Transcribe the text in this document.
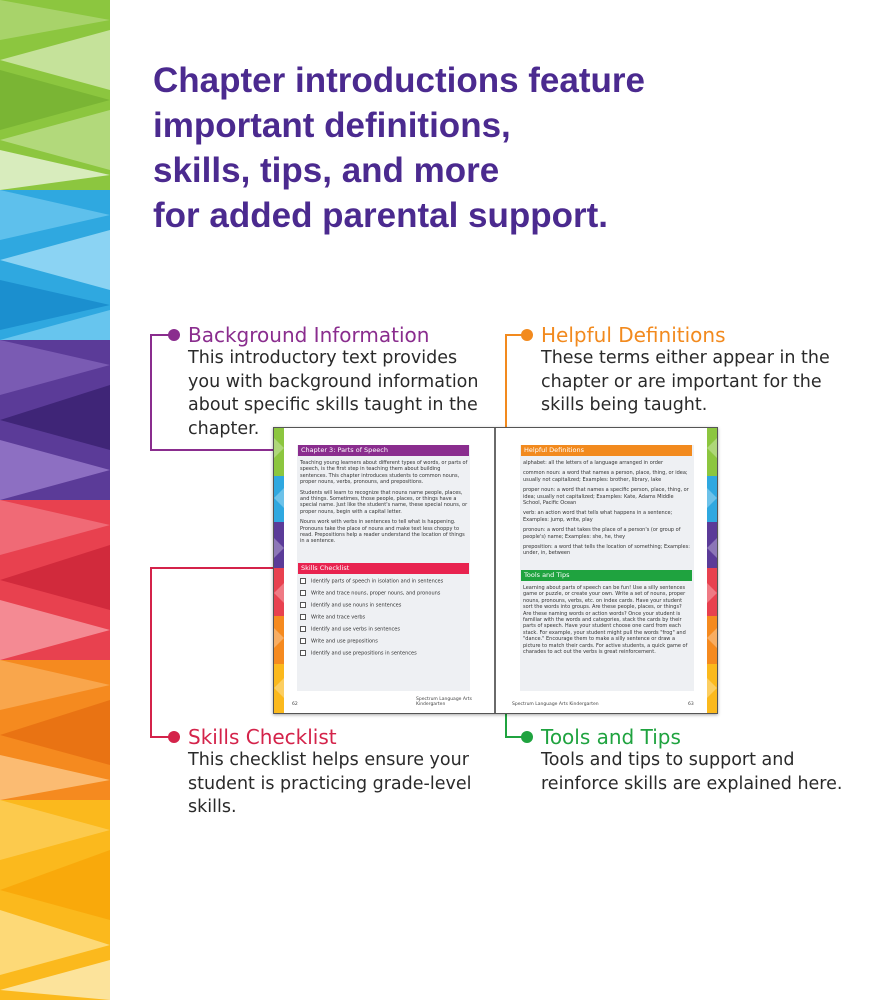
Chapter introductions feature
important definitions,
skills, tips, and more
for added parental support.
Background Information
This introductory text provides
you with background information
about specific skills taught in the
chapter.
Helpful Definitions
These terms either appear in the
chapter or are important for the
skills being taught.
Skills Checklist
This checklist helps ensure your
student is practicing grade-level
skills.
Tools and Tips
Tools and tips to support and
reinforce skills are explained here.
Chapter 3: Parts of Speech

Teaching young learners about different types of words, or parts of speech, is the first step in teaching them about building sentences. This chapter introduces students to common nouns, proper nouns, verbs, pronouns, and prepositions.

Students will learn to recognize that nouns name people, places, and things. Sometimes, those people, places, or things have a special name. Just like the student's name, these special nouns, or proper nouns, begin with a capital letter.

Nouns work with verbs in sentences to tell what is happening. Pronouns take the place of nouns and make text less choppy to read. Prepositions help a reader understand the location of things in a sentence.

Skills Checklist
Identify parts of speech in isolation and in sentences
Write and trace nouns, proper nouns, and pronouns
Identify and use nouns in sentences
Write and trace verbs
Identify and use verbs in sentences
Write and use prepositions
Identify and use prepositions in sentences
62
Spectrum Language Arts Kindergarten
Helpful Definitions

alphabet: all the letters of a language arranged in order

common noun: a word that names a person, place, thing, or idea; usually not capitalized; Examples: brother, library, lake

proper noun: a word that names a specific person, place, thing, or idea; usually not capitalized; Examples: Kate, Adams Middle School, Pacific Ocean

verb: an action word that tells what happens in a sentence; Examples: jump, write, play

pronoun: a word that takes the place of a person's (or group of people's) name; Examples: she, he, they

preposition: a word that tells the location of something; Examples: under, in, between

Tools and Tips

Learning about parts of speech can be fun! Use a silly sentences game or puzzle, or create your own. Write a set of nouns, proper nouns, pronouns, verbs, etc. on index cards. Have your student sort the words into groups. Are these people, places, or things? Are these naming words or action words? Once your student is familiar with the words and categories, stack the cards by their parts of speech. Have your student choose one card from each stack. For example, your student might pull the words "frog" and "dance." Encourage them to make a silly sentence or draw a picture to match their cards. For active students, a quick game of charades to act out the verbs is great reinforcement.

Spectrum Language Arts Kindergarten	63
